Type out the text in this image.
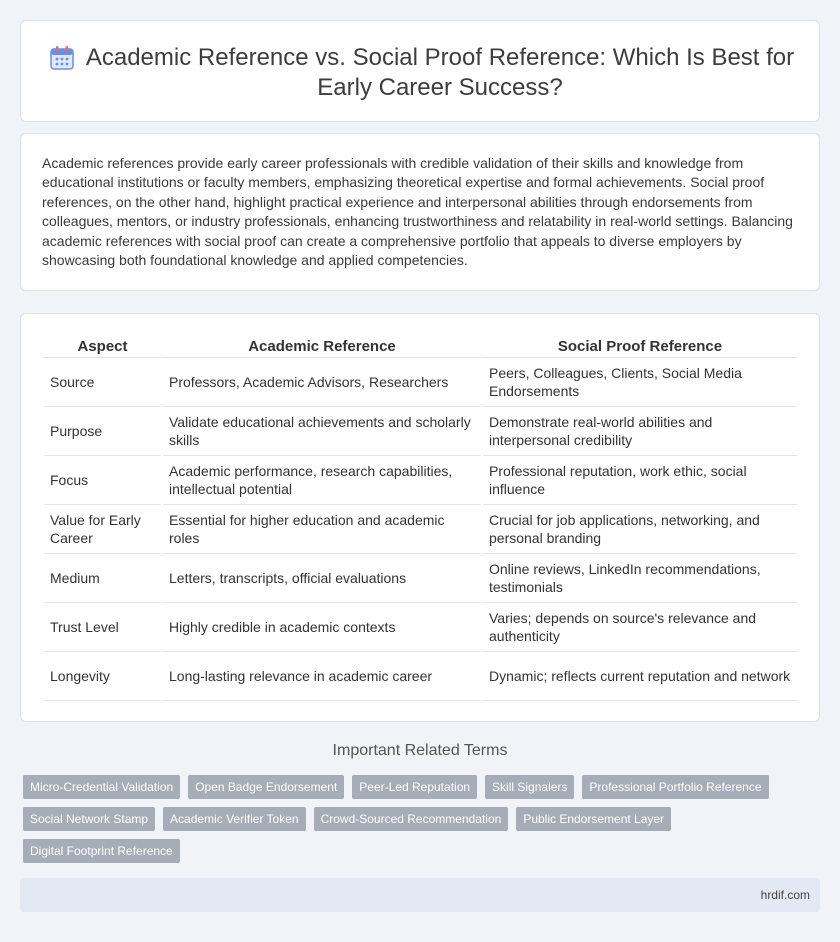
Academic Reference vs. Social Proof Reference: Which Is Best for Early Career Success?

Academic references provide early career professionals with credible validation of their skills and knowledge from educational institutions or faculty members, emphasizing theoretical expertise and formal achievements. Social proof references, on the other hand, highlight practical experience and interpersonal abilities through endorsements from colleagues, mentors, or industry professionals, enhancing trustworthiness and relatability in real-world settings. Balancing academic references with social proof can create a comprehensive portfolio that appeals to diverse employers by showcasing both foundational knowledge and applied competencies.

Aspect	Academic Reference	Social Proof Reference
Source	Professors, Academic Advisors, Researchers	Peers, Colleagues, Clients, Social Media Endorsements
Purpose	Validate educational achievements and scholarly skills	Demonstrate real-world abilities and interpersonal credibility
Focus	Academic performance, research capabilities, intellectual potential	Professional reputation, work ethic, social influence
Value for Early Career	Essential for higher education and academic roles	Crucial for job applications, networking, and personal branding
Medium	Letters, transcripts, official evaluations	Online reviews, LinkedIn recommendations, testimonials
Trust Level	Highly credible in academic contexts	Varies; depends on source's relevance and authenticity
Longevity	Long-lasting relevance in academic career	Dynamic; reflects current reputation and network
Important Related Terms
Micro-Credential Validation	Open Badge Endorsement	Peer-Led Reputation	Skill Signalers	Professional Portfolio Reference
Social Network Stamp	Academic Verifier Token	Crowd-Sourced Recommendation	Public Endorsement Layer
Digital Footprint Reference
hrdif.com
